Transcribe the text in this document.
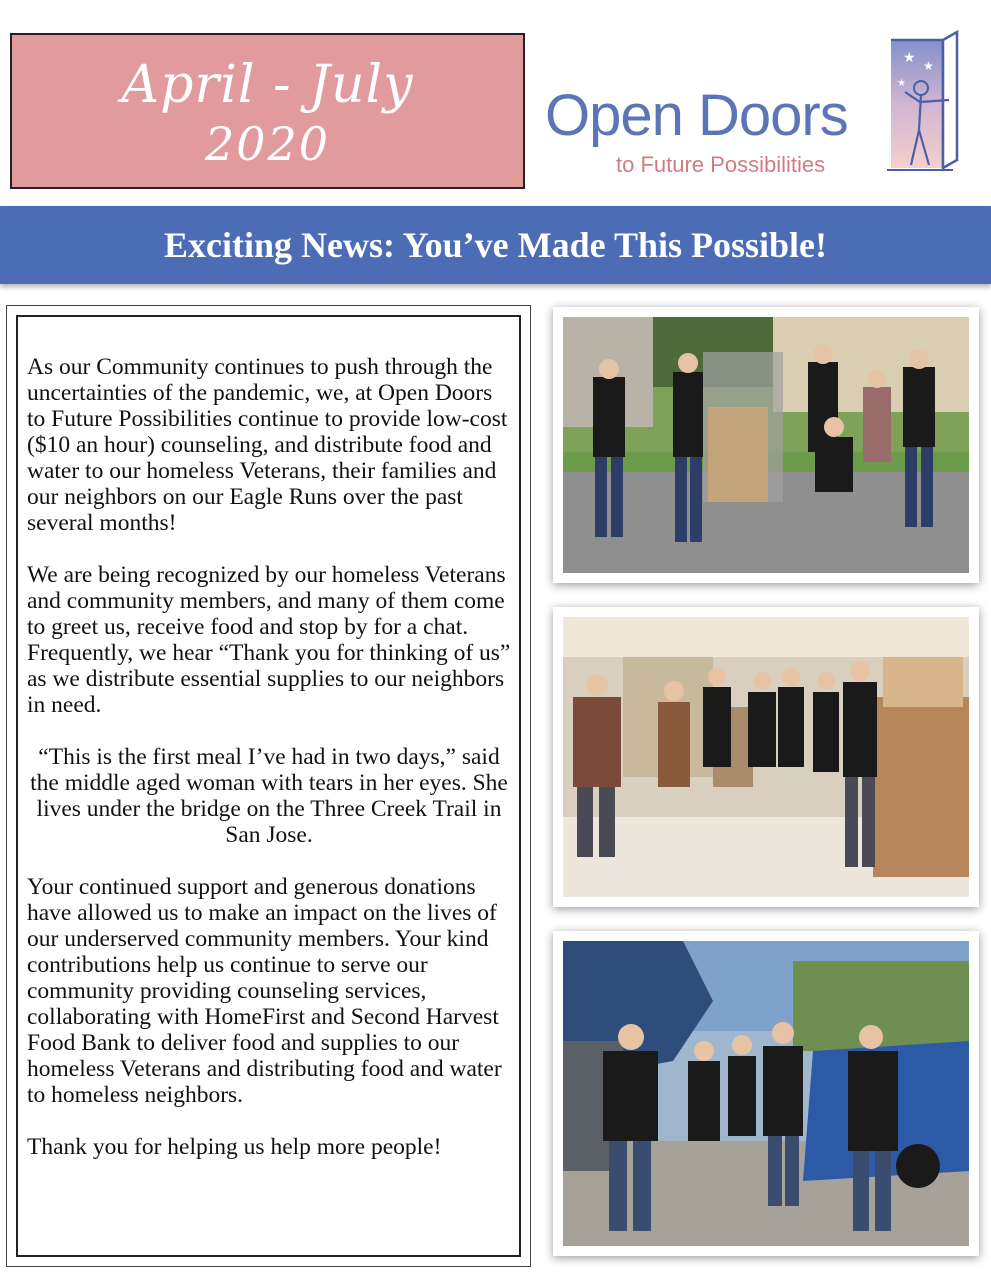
April - July
2020	Open Doors
to Future Possibilities
★ ★
★
Exciting News: You’ve Made This Possible!

As our Community continues to push through the uncertainties of the pandemic, we, at Open Doors to Future Possibilities continue to provide low-cost ($10 an hour) counseling, and distribute food and water to our homeless Veterans, their families and our neighbors on our Eagle Runs over the past several months!

We are being recognized by our homeless Veterans and community members, and many of them come to greet us, receive food and stop by for a chat. Frequently, we hear “Thank you for thinking of us” as we distribute essential supplies to our neighbors in need.

“This is the first meal I’ve had in two days,” said the middle aged woman with tears in her eyes. She lives under the bridge on the Three Creek Trail in San Jose.

Your continued support and generous donations have allowed us to make an impact on the lives of our underserved community members. Your kind contributions help us continue to serve our community providing counseling services, collaborating with HomeFirst and Second Harvest Food Bank to deliver food and supplies to our homeless Veterans and distributing food and water to homeless neighbors.

Thank you for helping us help more people!
